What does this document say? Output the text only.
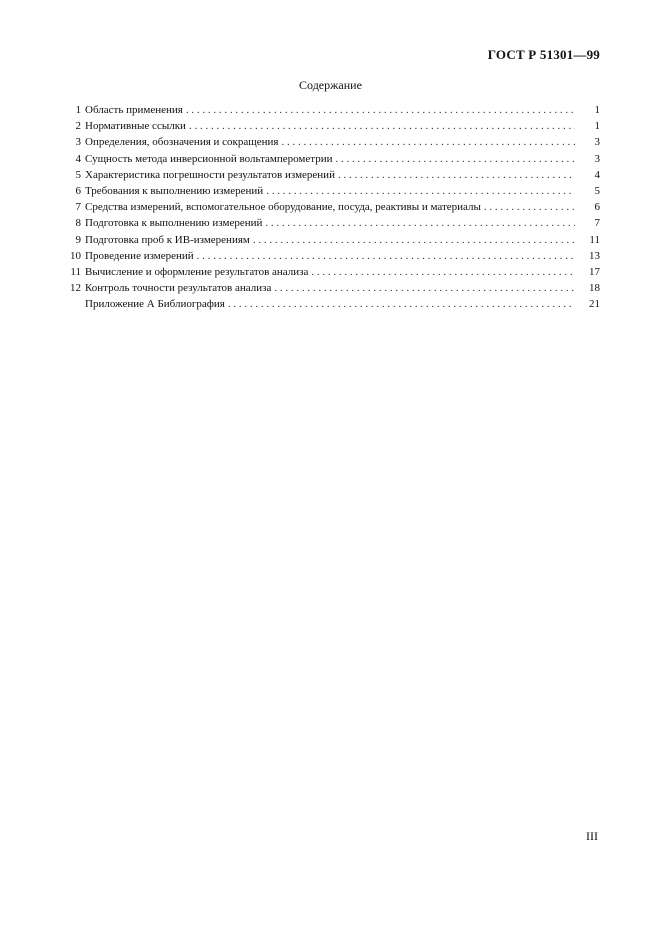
ГОСТ Р 51301—99
Содержание
1 Область применения . . .	1
2 Нормативные ссылки . . .	1
3 Определения, обозначения и сокращения . . .	3
4 Сущность метода инверсионной вольтамперометрии . . .	3
5 Характеристика погрешности результатов измерений . . .	4
6 Требования к выполнению измерений . . .	5
7 Средства измерений, вспомогательное оборудование, посуда, реактивы и материалы . . .	6
8 Подготовка к выполнению измерений . . .	7
9 Подготовка проб к ИВ-измерениям . . .	11
10 Проведение измерений . . .	13
11 Вычисление и оформление результатов анализа . . .	17
12 Контроль точности результатов анализа . . .	18
Приложение А Библиография . . .	21
III
